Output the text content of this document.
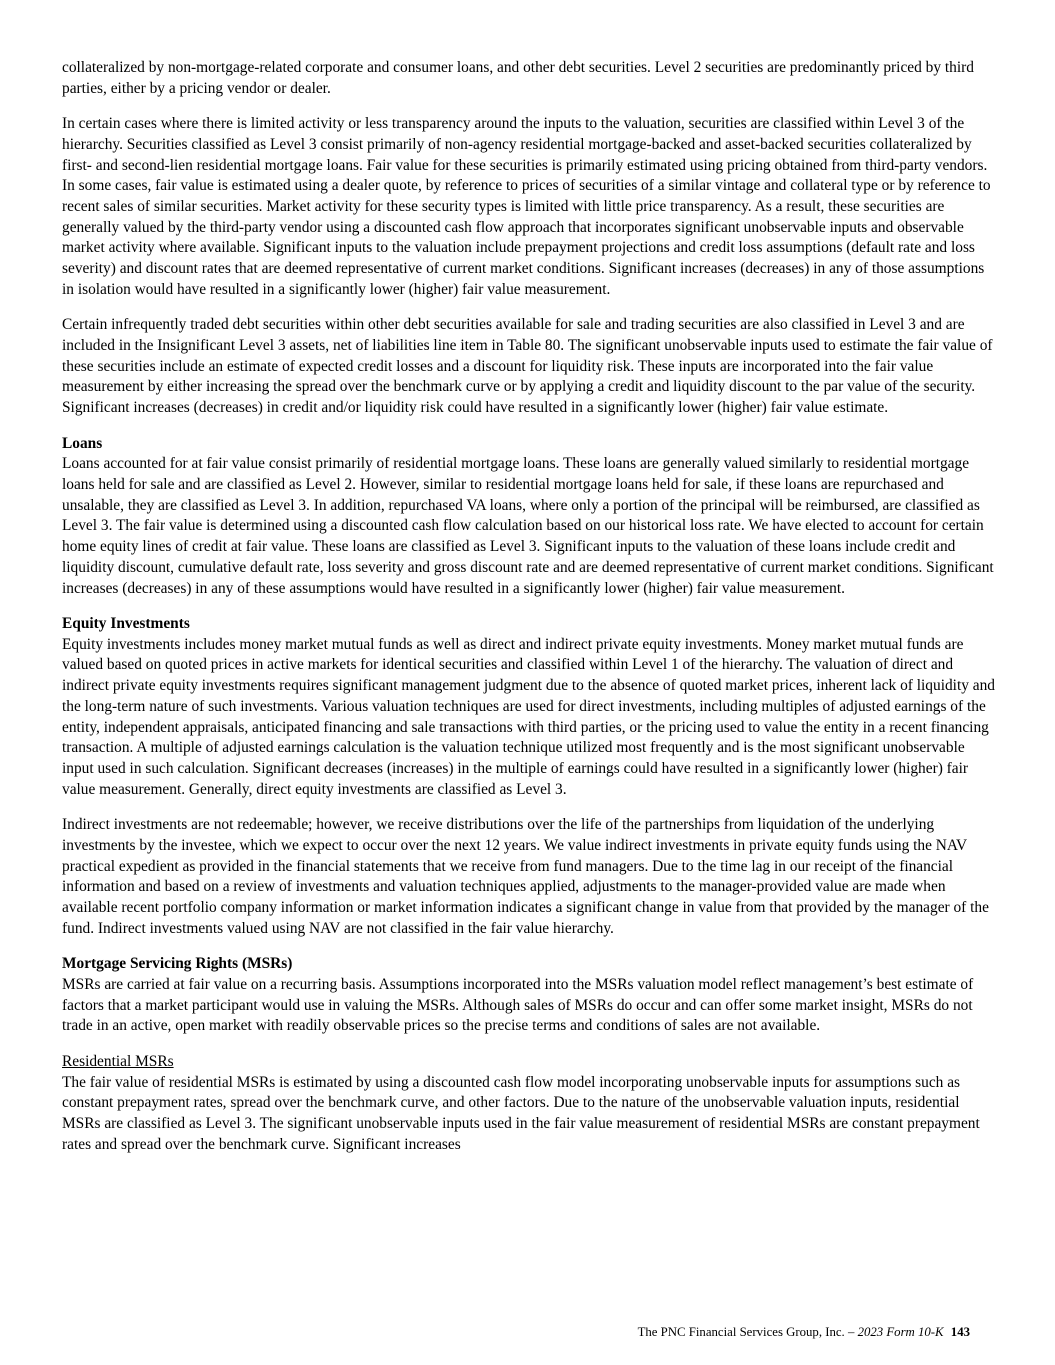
collateralized by non-mortgage-related corporate and consumer loans, and other debt securities. Level 2 securities are predominantly priced by third parties, either by a pricing vendor or dealer.

In certain cases where there is limited activity or less transparency around the inputs to the valuation, securities are classified within Level 3 of the hierarchy. Securities classified as Level 3 consist primarily of non-agency residential mortgage-backed and asset-backed securities collateralized by first- and second-lien residential mortgage loans. Fair value for these securities is primarily estimated using pricing obtained from third-party vendors. In some cases, fair value is estimated using a dealer quote, by reference to prices of securities of a similar vintage and collateral type or by reference to recent sales of similar securities. Market activity for these security types is limited with little price transparency. As a result, these securities are generally valued by the third-party vendor using a discounted cash flow approach that incorporates significant unobservable inputs and observable market activity where available. Significant inputs to the valuation include prepayment projections and credit loss assumptions (default rate and loss severity) and discount rates that are deemed representative of current market conditions. Significant increases (decreases) in any of those assumptions in isolation would have resulted in a significantly lower (higher) fair value measurement.

Certain infrequently traded debt securities within other debt securities available for sale and trading securities are also classified in Level 3 and are included in the Insignificant Level 3 assets, net of liabilities line item in Table 80. The significant unobservable inputs used to estimate the fair value of these securities include an estimate of expected credit losses and a discount for liquidity risk. These inputs are incorporated into the fair value measurement by either increasing the spread over the benchmark curve or by applying a credit and liquidity discount to the par value of the security. Significant increases (decreases) in credit and/or liquidity risk could have resulted in a significantly lower (higher) fair value estimate.

Loans
Loans accounted for at fair value consist primarily of residential mortgage loans. These loans are generally valued similarly to residential mortgage loans held for sale and are classified as Level 2. However, similar to residential mortgage loans held for sale, if these loans are repurchased and unsalable, they are classified as Level 3. In addition, repurchased VA loans, where only a portion of the principal will be reimbursed, are classified as Level 3. The fair value is determined using a discounted cash flow calculation based on our historical loss rate. We have elected to account for certain home equity lines of credit at fair value. These loans are classified as Level 3. Significant inputs to the valuation of these loans include credit and liquidity discount, cumulative default rate, loss severity and gross discount rate and are deemed representative of current market conditions. Significant increases (decreases) in any of these assumptions would have resulted in a significantly lower (higher) fair value measurement.
Equity Investments
Equity investments includes money market mutual funds as well as direct and indirect private equity investments. Money market mutual funds are valued based on quoted prices in active markets for identical securities and classified within Level 1 of the hierarchy. The valuation of direct and indirect private equity investments requires significant management judgment due to the absence of quoted market prices, inherent lack of liquidity and the long-term nature of such investments. Various valuation techniques are used for direct investments, including multiples of adjusted earnings of the entity, independent appraisals, anticipated financing and sale transactions with third parties, or the pricing used to value the entity in a recent financing transaction. A multiple of adjusted earnings calculation is the valuation technique utilized most frequently and is the most significant unobservable input used in such calculation. Significant decreases (increases) in the multiple of earnings could have resulted in a significantly lower (higher) fair value measurement. Generally, direct equity investments are classified as Level 3.

Indirect investments are not redeemable; however, we receive distributions over the life of the partnerships from liquidation of the underlying investments by the investee, which we expect to occur over the next 12 years. We value indirect investments in private equity funds using the NAV practical expedient as provided in the financial statements that we receive from fund managers. Due to the time lag in our receipt of the financial information and based on a review of investments and valuation techniques applied, adjustments to the manager-provided value are made when available recent portfolio company information or market information indicates a significant change in value from that provided by the manager of the fund. Indirect investments valued using NAV are not classified in the fair value hierarchy.

Mortgage Servicing Rights (MSRs)
MSRs are carried at fair value on a recurring basis. Assumptions incorporated into the MSRs valuation model reflect management’s best estimate of factors that a market participant would use in valuing the MSRs. Although sales of MSRs do occur and can offer some market insight, MSRs do not trade in an active, open market with readily observable prices so the precise terms and conditions of sales are not available.
Residential MSRs
The fair value of residential MSRs is estimated by using a discounted cash flow model incorporating unobservable inputs for assumptions such as constant prepayment rates, spread over the benchmark curve, and other factors. Due to the nature of the unobservable valuation inputs, residential MSRs are classified as Level 3. The significant unobservable inputs used in the fair value measurement of residential MSRs are constant prepayment rates and spread over the benchmark curve. Significant increases
The PNC Financial Services Group, Inc. – 2023 Form 10-K 143
